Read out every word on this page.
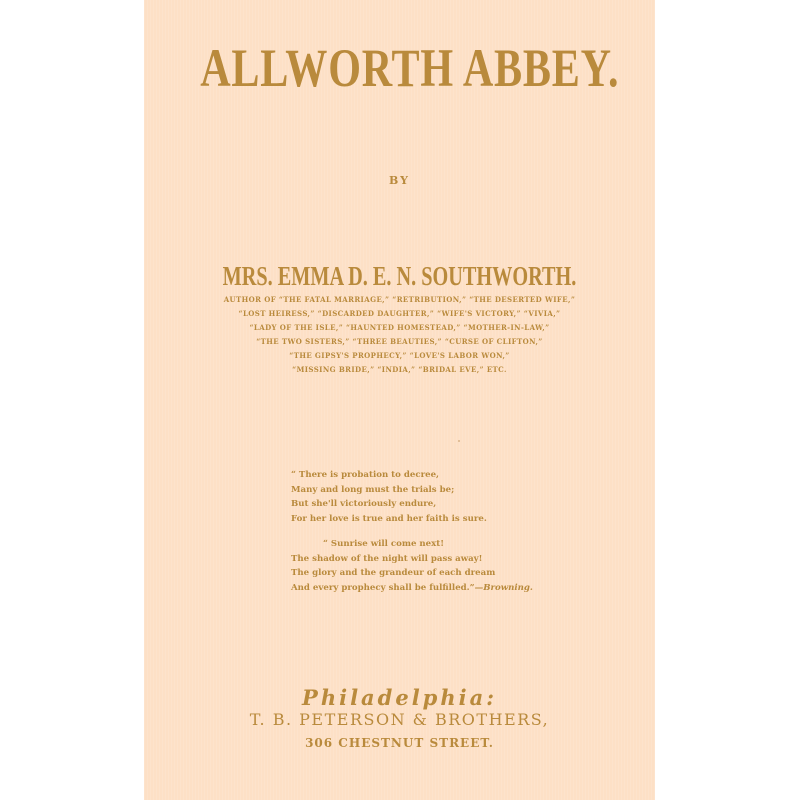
ALLWORTH ABBEY.
BY
MRS. EMMA D. E. N. SOUTHWORTH.
AUTHOR OF “THE FATAL MARRIAGE,” “RETRIBUTION,” “THE DESERTED WIFE,”
“LOST HEIRESS,” “DISCARDED DAUGHTER,” “WIFE'S VICTORY,” “VIVIA,”
“LADY OF THE ISLE,” “HAUNTED HOMESTEAD,” “MOTHER-IN-LAW,”
“THE TWO SISTERS,” “THREE BEAUTIES,” “CURSE OF CLIFTON,”
“THE GIPSY'S PROPHECY,” “LOVE'S LABOR WON,”
“MISSING BRIDE,” “INDIA,” “BRIDAL EVE,” ETC.
“ There is probation to decree,
Many and long must the trials be;
But she'll victoriously endure,
For her love is true and her faith is sure.
“ Sunrise will come next!
The shadow of the night will pass away!
The glory and the grandeur of each dream
And every prophecy shall be fulfilled.”—Browning.
Philadelphia:
T. B. PETERSON & BROTHERS,
306 CHESTNUT STREET.
